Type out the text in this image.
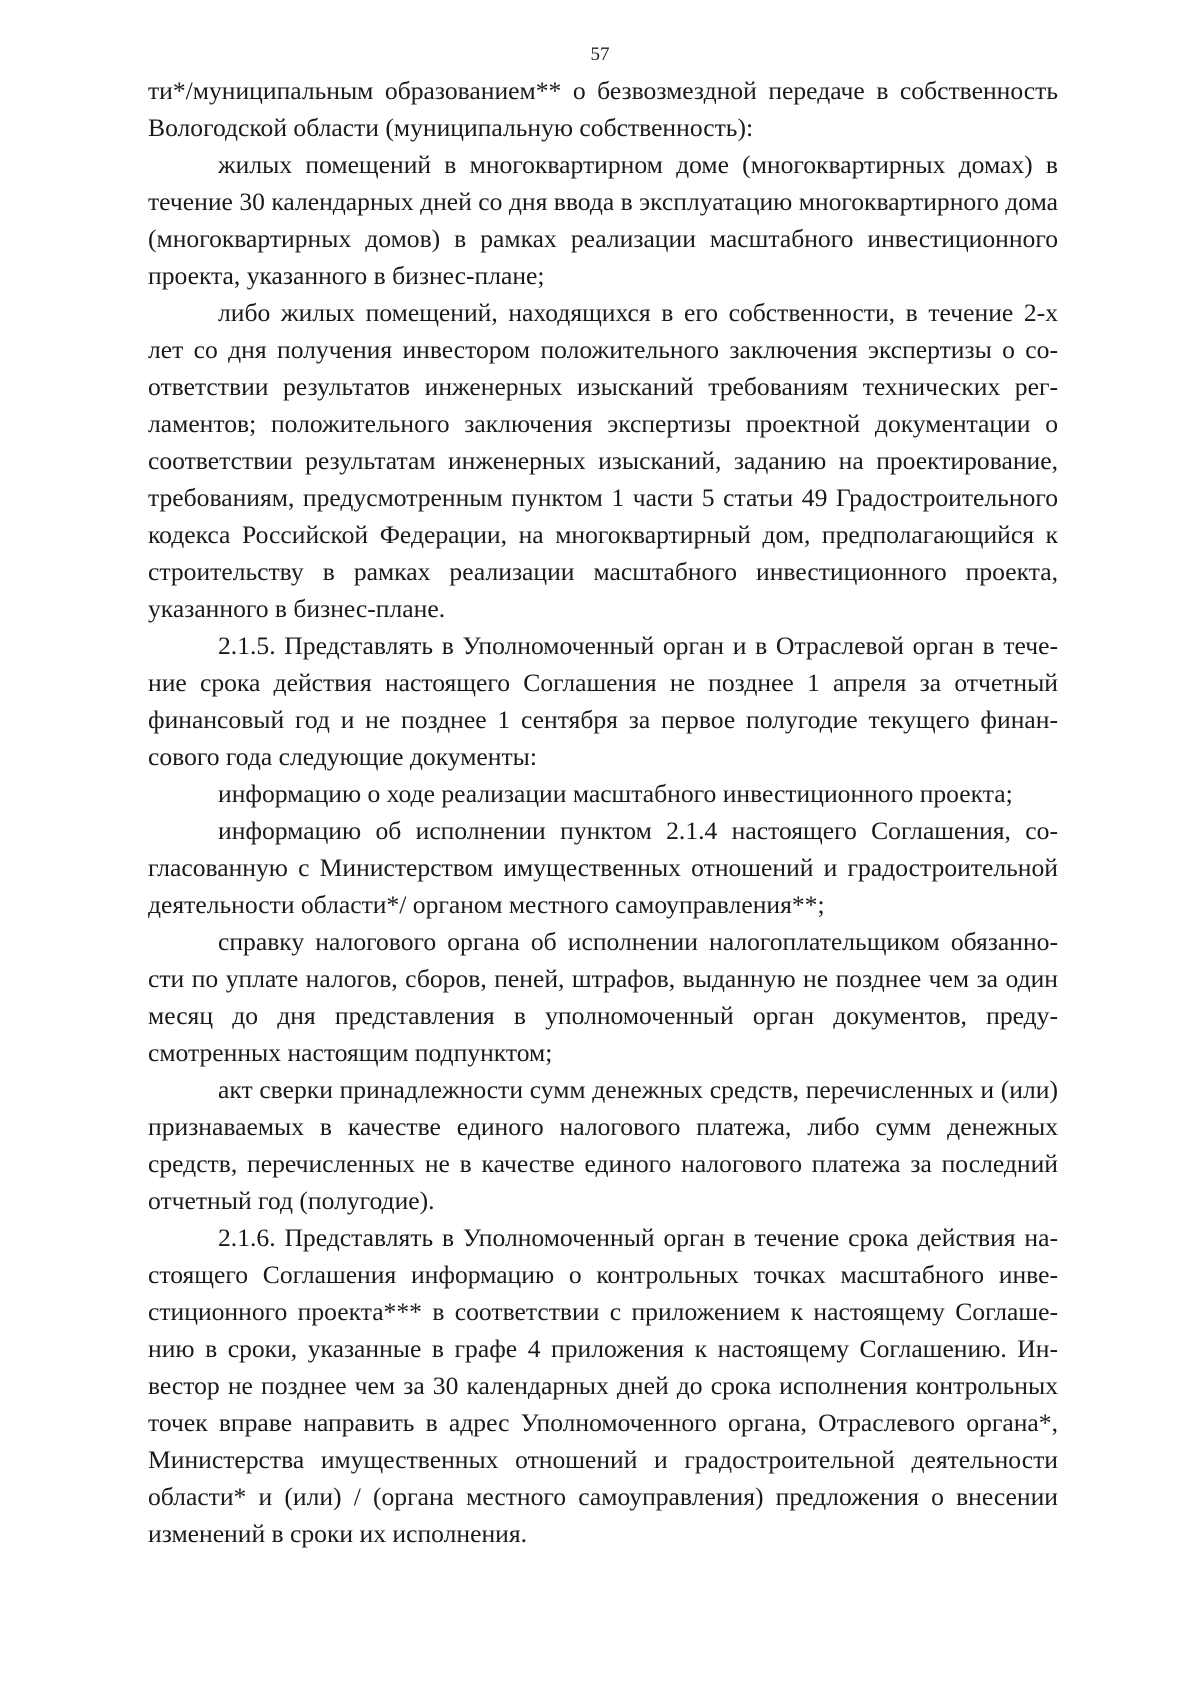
57

ти*/муниципальным образованием** о безвозмездной передаче в собственность Вологодской области (муниципальную собственность):

жилых помещений в многоквартирном доме (многоквартирных домах) в течение 30 календарных дней со дня ввода в эксплуатацию многоквартирного дома (многоквартирных домов) в рамках реализации масштабного инвестиционного проекта, указанного в бизнес-плане;

либо жилых помещений, находящихся в его собственности, в течение 2-х лет со дня получения инвестором положительного заключения экспертизы о соответствии результатов инженерных изысканий требованиям технических регламентов; положительного заключения экспертизы проектной документации о соответствии результатам инженерных изысканий, заданию на проектирование, требованиям, предусмотренным пунктом 1 части 5 статьи 49 Градостроительного кодекса Российской Федерации, на многоквартирный дом, предполагающийся к строительству в рамках реализации масштабного инвестиционного проекта, указанного в бизнес-плане.

2.1.5. Представлять в Уполномоченный орган и в Отраслевой орган в течение срока действия настоящего Соглашения не позднее 1 апреля за отчетный финансовый год и не позднее 1 сентября за первое полугодие текущего финансового года следующие документы:

информацию о ходе реализации масштабного инвестиционного проекта;

информацию об исполнении пунктом 2.1.4 настоящего Соглашения, согласованную с Министерством имущественных отношений и градостроительной деятельности области*/ органом местного самоуправления**;

справку налогового органа об исполнении налогоплательщиком обязанности по уплате налогов, сборов, пеней, штрафов, выданную не позднее чем за один месяц до дня представления в уполномоченный орган документов, предусмотренных настоящим подпунктом;

акт сверки принадлежности сумм денежных средств, перечисленных и (или) признаваемых в качестве единого налогового платежа, либо сумм денежных средств, перечисленных не в качестве единого налогового платежа за последний отчетный год (полугодие).

2.1.6. Представлять в Уполномоченный орган в течение срока действия настоящего Соглашения информацию о контрольных точках масштабного инвестиционного проекта*** в соответствии с приложением к настоящему Соглашению в сроки, указанные в графе 4 приложения к настоящему Соглашению. Инвестор не позднее чем за 30 календарных дней до срока исполнения контрольных точек вправе направить в адрес Уполномоченного органа, Отраслевого органа*, Министерства имущественных отношений и градостроительной деятельности области* и (или) / (органа местного самоуправления) предложения о внесении изменений в сроки их исполнения.
